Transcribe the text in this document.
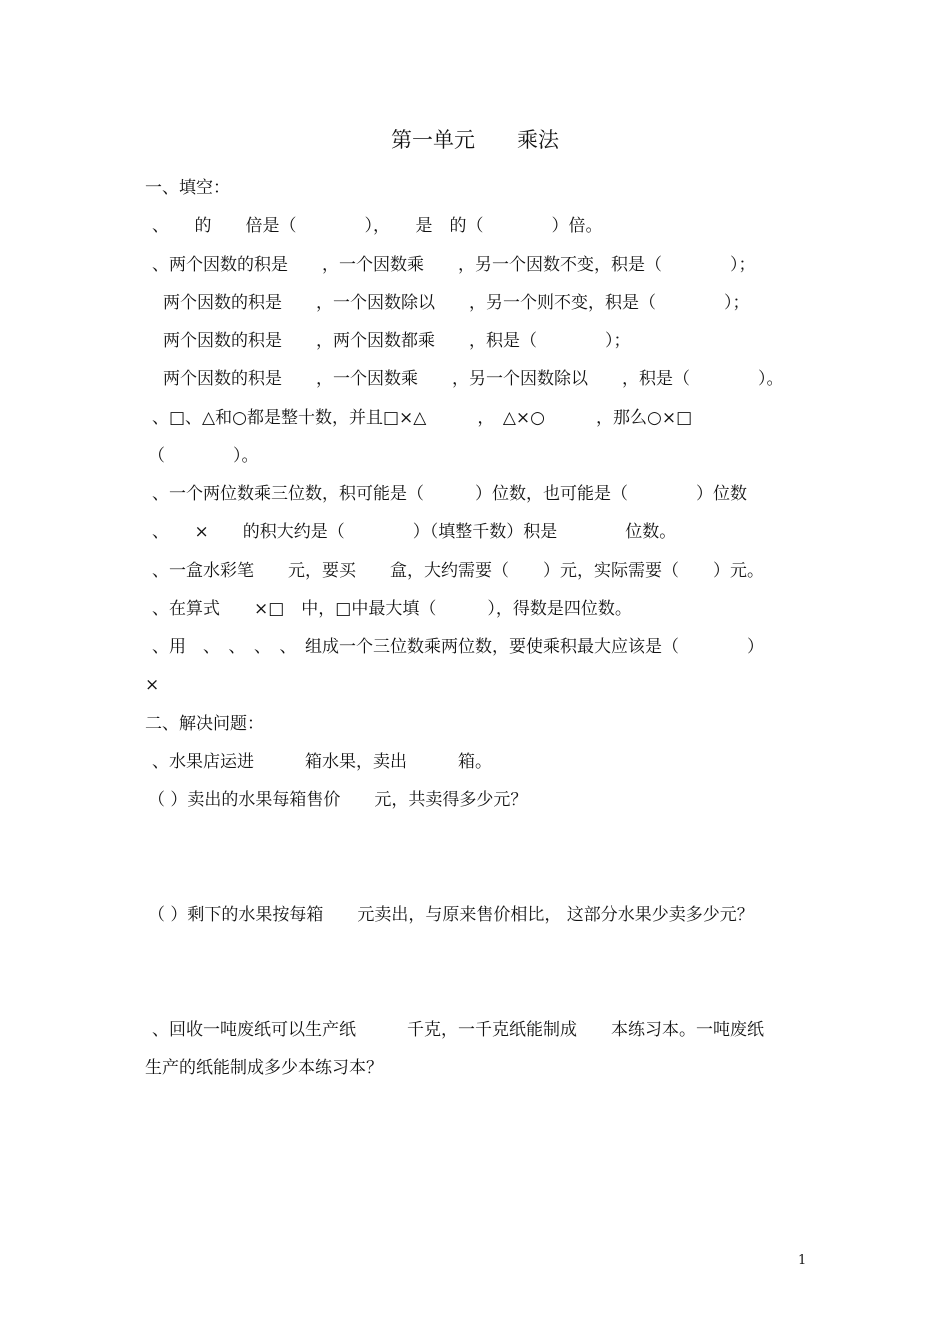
第一单元　　乘法
一、填空：
、　　的　　倍是（　　　　），　　是　的（　　　　）倍。
、两个因数的积是　　，一个因数乘　　，另一个因数不变，积是（　　　　）；
两个因数的积是　　，一个因数除以　　，另一个则不变，积是（　　　　）；
两个因数的积是　　，两个因数都乘　　，积是（　　　　）；
两个因数的积是　　，一个因数乘　　，另一个因数除以　　，积是（　　　　）。
、□、△和○都是整十数，并且□×△　　　，　△×○　　　，那么○×□
（　　　　）。
、一个两位数乘三位数，积可能是（　　　）位数，也可能是（　　　　）位数
、　　×　　的积大约是（　　　　）（填整千数）积是　　　　位数。
、一盒水彩笔　　元，要买　　盒，大约需要（　　）元，实际需要（　　）元。
、在算式　　×□　中，□中最大填（　　　），得数是四位数。
、用　、　、　、　、　组成一个三位数乘两位数，要使乘积最大应该是（　　　　）
×
二、解决问题：
、水果店运进　　　箱水果，卖出　　　箱。
（ ）卖出的水果每箱售价　　元，共卖得多少元？
（ ）剩下的水果按每箱　　元卖出，与原来售价相比， 这部分水果少卖多少元？
、回收一吨废纸可以生产纸　　　千克，一千克纸能制成　　本练习本。一吨废纸
生产的纸能制成多少本练习本？
1
